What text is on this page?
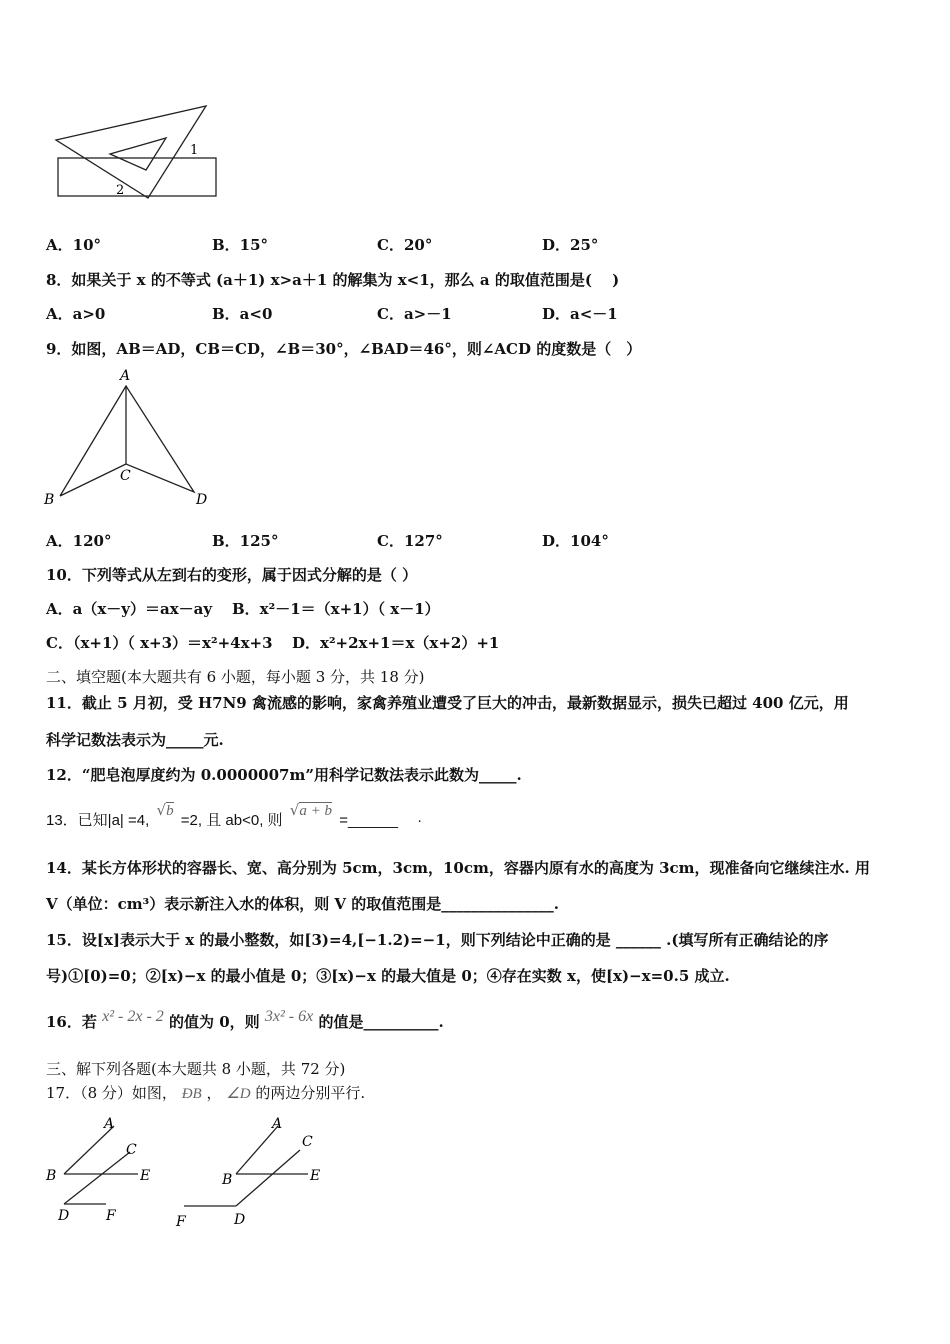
1
2
A．10°	B．15°	C．20°	D．25°
8．如果关于 x 的不等式 (a＋1) x>a＋1 的解集为 x<1，那么 a 的取值范围是(　 )
A．a>0	B．a<0	C．a>－1	D．a<－1
9．如图，AB＝AD，CB＝CD，∠B＝30°，∠BAD＝46°，则∠ACD 的度数是（　）
A
B
C
D
A．120°	B．125°	C．127°	D．104°
10．下列等式从左到右的变形，属于因式分解的是（ ）
A．a（x－y）＝ax－ay B．x²－1＝（x+1）（ x－1）
C．（x+1）（ x+3）＝x²+4x+3 D．x²+2x+1＝x（x+2）+1
二、填空题(本大题共有 6 小题，每小题 3 分，共 18 分)
11．截止 5 月初，受 H7N9 禽流感的影响，家禽养殖业遭受了巨大的冲击，最新数据显示，损失已超过 400 亿元，用
科学记数法表示为_____元.
12．“肥皂泡厚度约为 0.0000007m”用科学记数法表示此数为_____.
13．已知|a| =4, √b =2, 且 ab<0, 则 √a + b =______　 ·
14．某长方体形状的容器长、宽、高分别为 5cm，3cm，10cm，容器内原有水的高度为 3cm，现准备向它继续注水. 用
V（单位：cm³）表示新注入水的体积，则 V 的取值范围是_______________.
15．设[x]表示大于 x 的最小整数，如[3)=4,[−1.2)=−1，则下列结论中正确的是 ______ .(填写所有正确结论的序
号)①[0)=0；②[x)−x 的最小值是 0；③[x)−x 的最大值是 0；④存在实数 x，使[x)−x=0.5 成立.
16．若 x² - 2x - 2 的值为 0，则 3x² - 6x 的值是__________.
三、解下列各题(本大题共 8 小题，共 72 分)
17．（8 分）如图， ÐB ， ∠D 的两边分别平行.
A
C
B	E
D	F
A
C
B	E
F	D
